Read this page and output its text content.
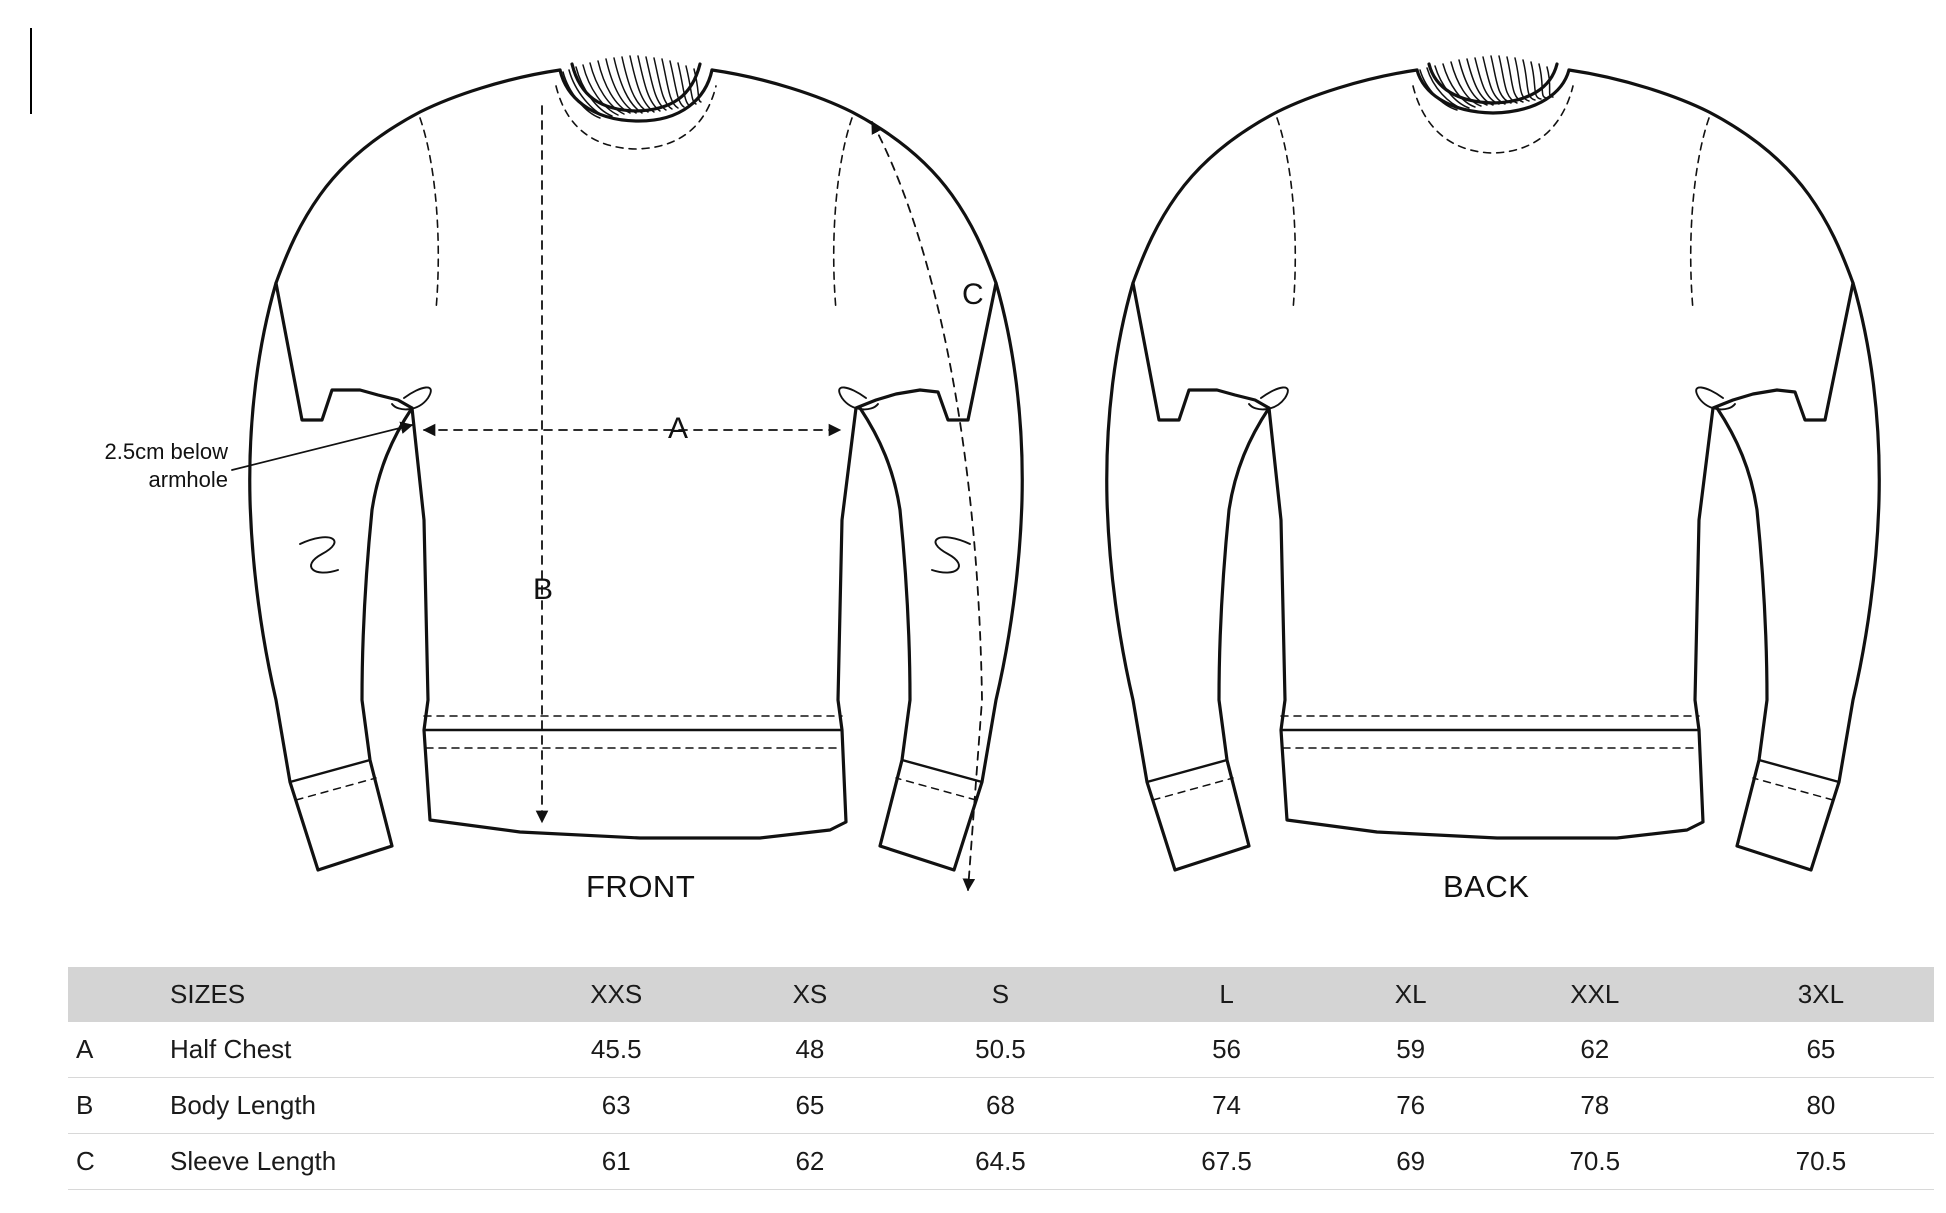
2.5cm below
armhole
A
B
C
FRONT	BACK
	SIZES	XXS	XS	S	L	XL	XXL	3XL
A	Half Chest	45.5	48	50.5	56	59	62	65
B	Body Length	63	65	68	74	76	78	80
C	Sleeve Length	61	62	64.5	67.5	69	70.5	70.5
